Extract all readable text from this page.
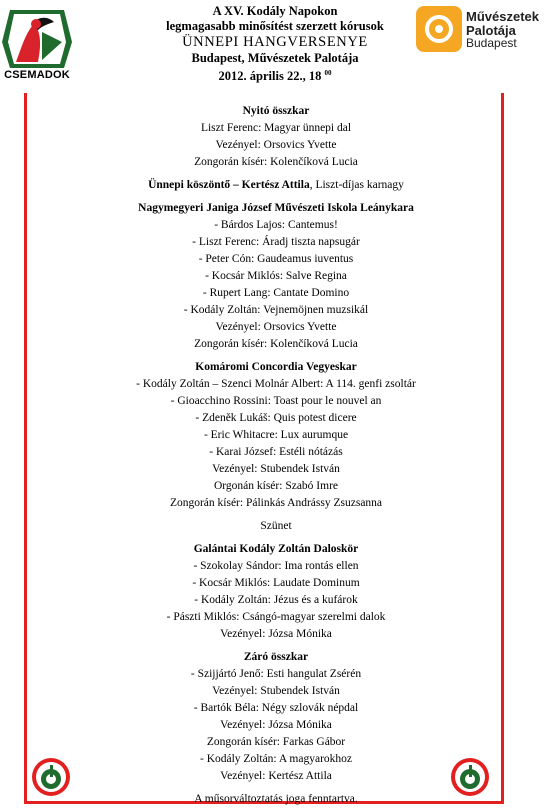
CSEMADOK
Művészetek
Palotája
Budapest
A XV. Kodály Napokon
legmagasabb minősítést szerzett kórusok
ÜNNEPI HANGVERSENYE
Budapest, Művészetek Palotája
2012. április 22., 18 $^{00}$
Nyitó összkar
Liszt Ferenc: Magyar ünnepi dal
Vezényel: Orsovics Yvette
Zongorán kísér: Kolenčíková Lucia
Ünnepi köszöntő – Kertész Attila, Liszt-díjas karnagy
Nagymegyeri Janiga József Művészeti Iskola Leánykara
- Bárdos Lajos: Cantemus!
- Liszt Ferenc: Áradj tiszta napsugár
- Peter Cón: Gaudeamus iuventus
- Kocsár Miklós: Salve Regina
- Rupert Lang: Cantate Domino
- Kodály Zoltán: Vejnemöjnen muzsikál
Vezényel: Orsovics Yvette
Zongorán kísér: Kolenčíková Lucia
Komáromi Concordia Vegyeskar
- Kodály Zoltán – Szenci Molnár Albert: A 114. genfi zsoltár
- Gioacchino Rossini: Toast pour le nouvel an
- Zdeněk Lukáš: Quis potest dicere
- Eric Whitacre: Lux aurumque
- Karai József: Estéli nótázás
Vezényel: Stubendek István
Orgonán kísér: Szabó Imre
Zongorán kísér: Pálinkás Andrássy Zsuzsanna
Szünet
Galántai Kodály Zoltán Daloskör
- Szokolay Sándor: Ima rontás ellen
- Kocsár Miklós: Laudate Dominum
- Kodály Zoltán: Jézus és a kufárok
- Pászti Miklós: Csángó-magyar szerelmi dalok
Vezényel: Józsa Mónika
Záró összkar
- Szijjártó Jenő: Esti hangulat Zsérén
Vezényel: Stubendek István
- Bartók Béla: Négy szlovák népdal
Vezényel: Józsa Mónika
Zongorán kísér: Farkas Gábor
- Kodály Zoltán: A magyarokhoz
Vezényel: Kertész Attila
A műsorváltoztatás joga fenntartva.
